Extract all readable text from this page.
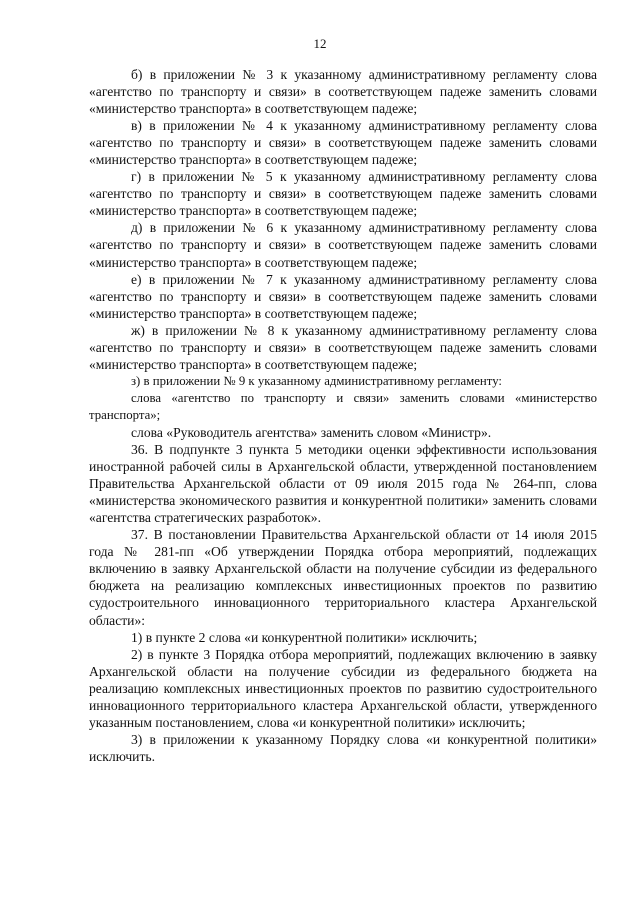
12

б) в приложении № 3 к указанному административному регламенту слова «агентство по транспорту и связи» в соответствующем падеже заменить словами «министерство транспорта» в соответствующем падеже;

в) в приложении № 4 к указанному административному регламенту слова «агентство по транспорту и связи» в соответствующем падеже заменить словами «министерство транспорта» в соответствующем падеже;

г) в приложении № 5 к указанному административному регламенту слова «агентство по транспорту и связи» в соответствующем падеже заменить словами «министерство транспорта» в соответствующем падеже;

д) в приложении № 6 к указанному административному регламенту слова «агентство по транспорту и связи» в соответствующем падеже заменить словами «министерство транспорта» в соответствующем падеже;

е) в приложении № 7 к указанному административному регламенту слова «агентство по транспорту и связи» в соответствующем падеже заменить словами «министерство транспорта» в соответствующем падеже;

ж) в приложении № 8 к указанному административному регламенту слова «агентство по транспорту и связи» в соответствующем падеже заменить словами «министерство транспорта» в соответствующем падеже;

з) в приложении № 9 к указанному административному регламенту:

слова «агентство по транспорту и связи» заменить словами «министерство транспорта»;

слова «Руководитель агентства» заменить словом «Министр».

36. В подпункте 3 пункта 5 методики оценки эффективности использования иностранной рабочей силы в Архангельской области, утвержденной постановлением Правительства Архангельской области от 09 июля 2015 года № 264-пп, слова «министерства экономического развития и конкурентной политики» заменить словами «агентства стратегических разработок».

37. В постановлении Правительства Архангельской области от 14 июля 2015 года № 281-пп «Об утверждении Порядка отбора мероприятий, подлежащих включению в заявку Архангельской области на получение субсидии из федерального бюджета на реализацию комплексных инвестиционных проектов по развитию судостроительного инновационного территориального кластера Архангельской области»:

1) в пункте 2 слова «и конкурентной политики» исключить;

2) в пункте 3 Порядка отбора мероприятий, подлежащих включению в заявку Архангельской области на получение субсидии из федерального бюджета на реализацию комплексных инвестиционных проектов по развитию судостроительного инновационного территориального кластера Архангельской области, утвержденного указанным постановлением, слова «и конкурентной политики» исключить;

3) в приложении к указанному Порядку слова «и конкурентной политики» исключить.
